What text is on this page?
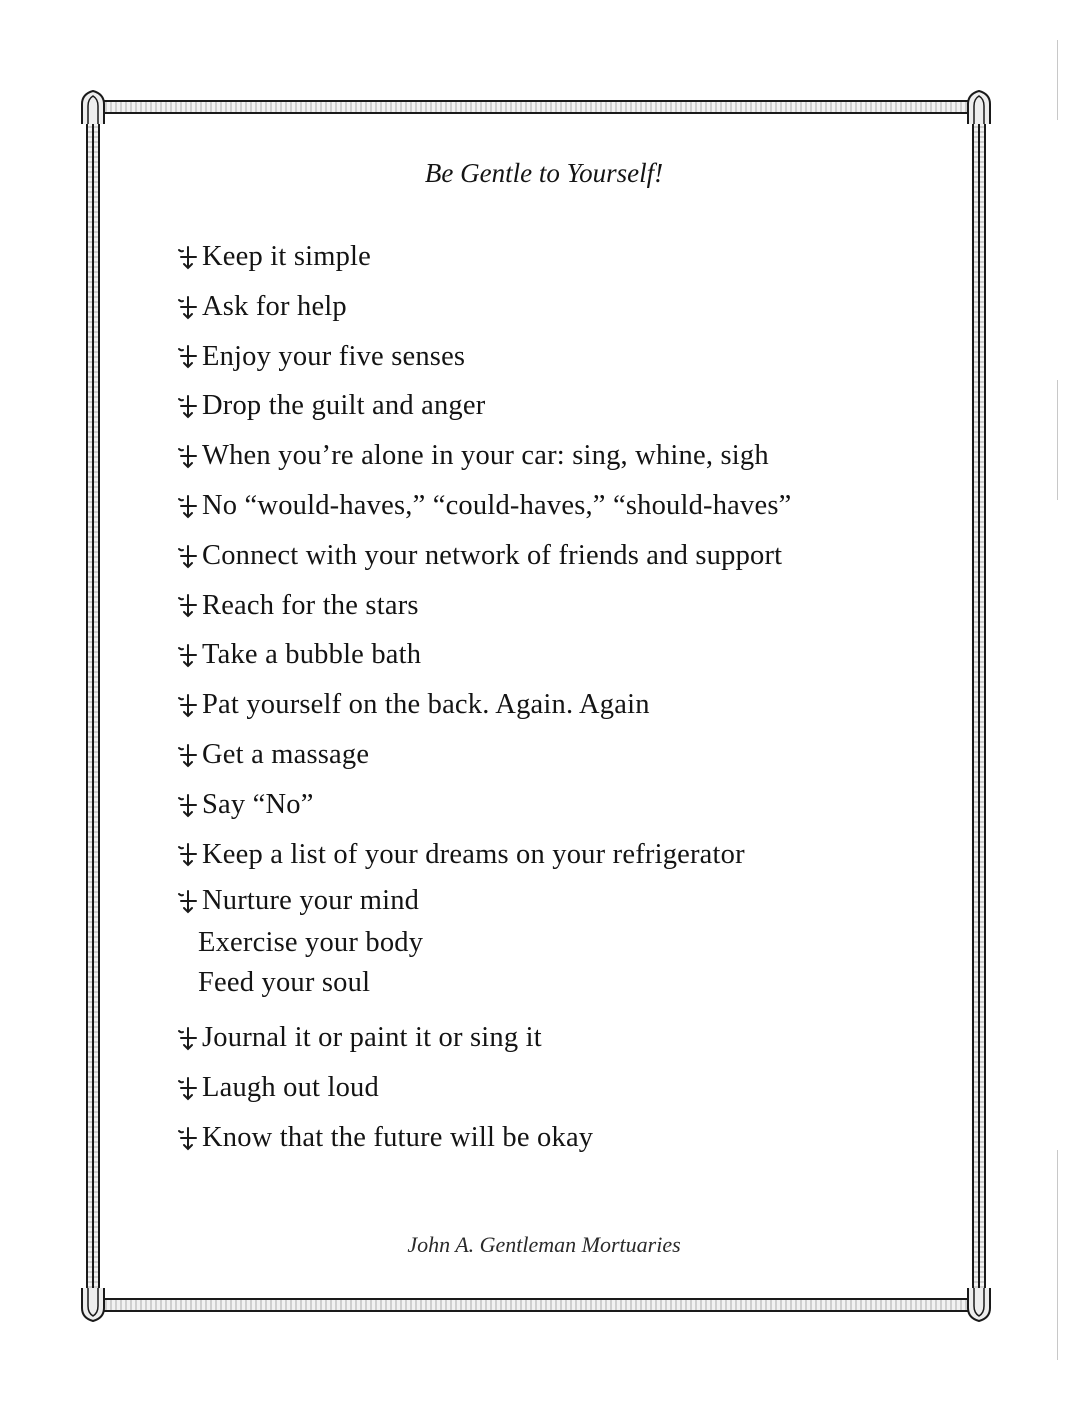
Be Gentle to Yourself!
Keep it simple
Ask for help
Enjoy your five senses
Drop the guilt and anger
When you’re alone in your car: sing, whine, sigh
No “would-haves,” “could-haves,” “should-haves”
Connect with your network of friends and support
Reach for the stars
Take a bubble bath
Pat yourself on the back. Again. Again
Get a massage
Say “No”
Keep a list of your dreams on your refrigerator
Nurture your mind
Exercise your body
Feed your soul
Journal it or paint it or sing it
Laugh out loud
Know that the future will be okay
John A. Gentleman Mortuaries
